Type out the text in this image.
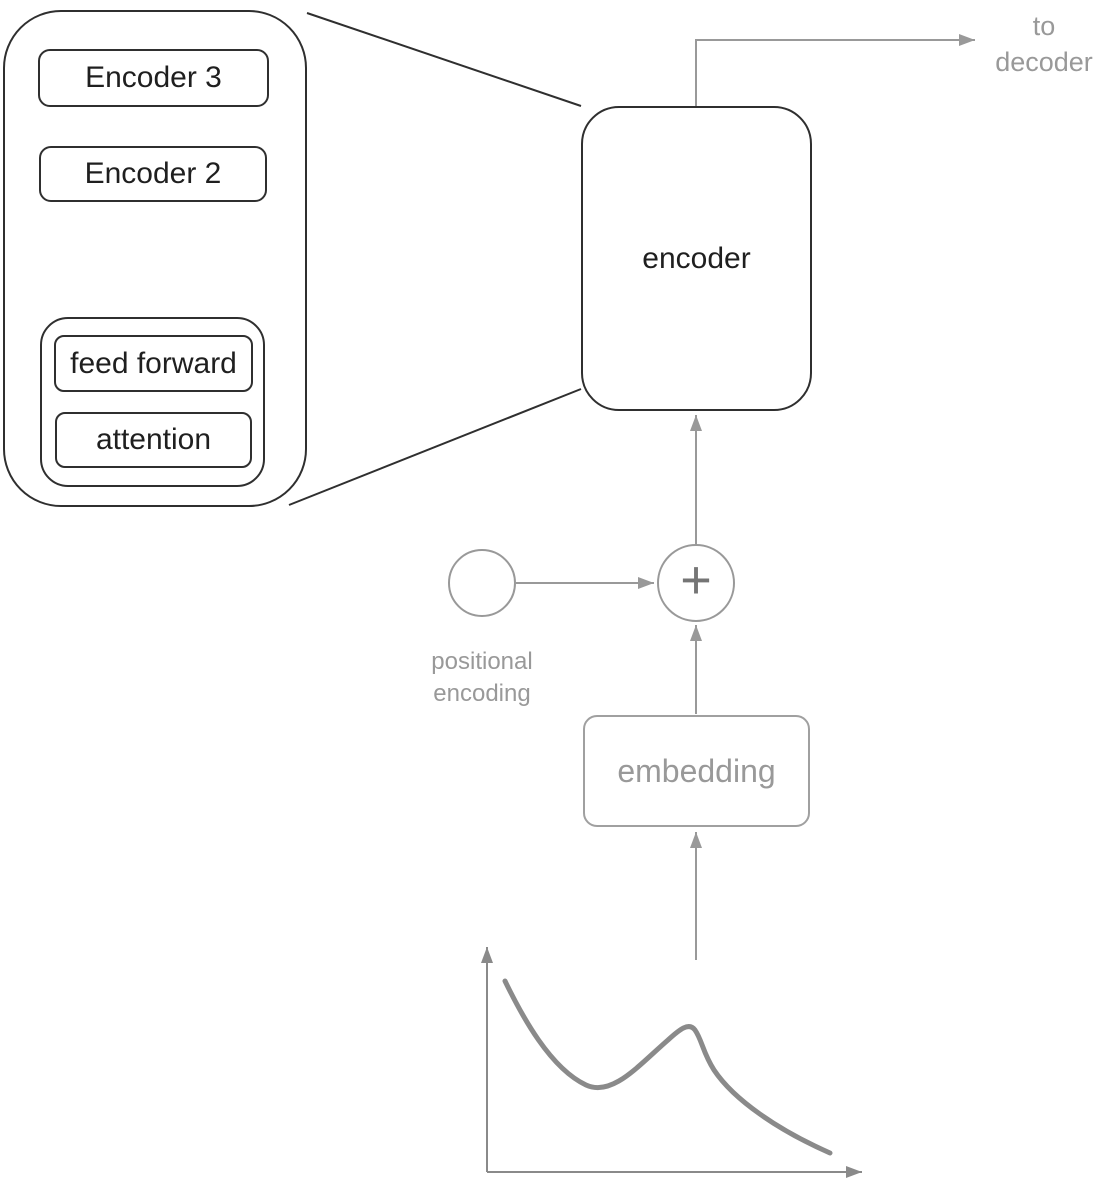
Encoder 3
Encoder 2
feed forward
attention
encoder
to
decoder
+
positional
encoding
embedding
